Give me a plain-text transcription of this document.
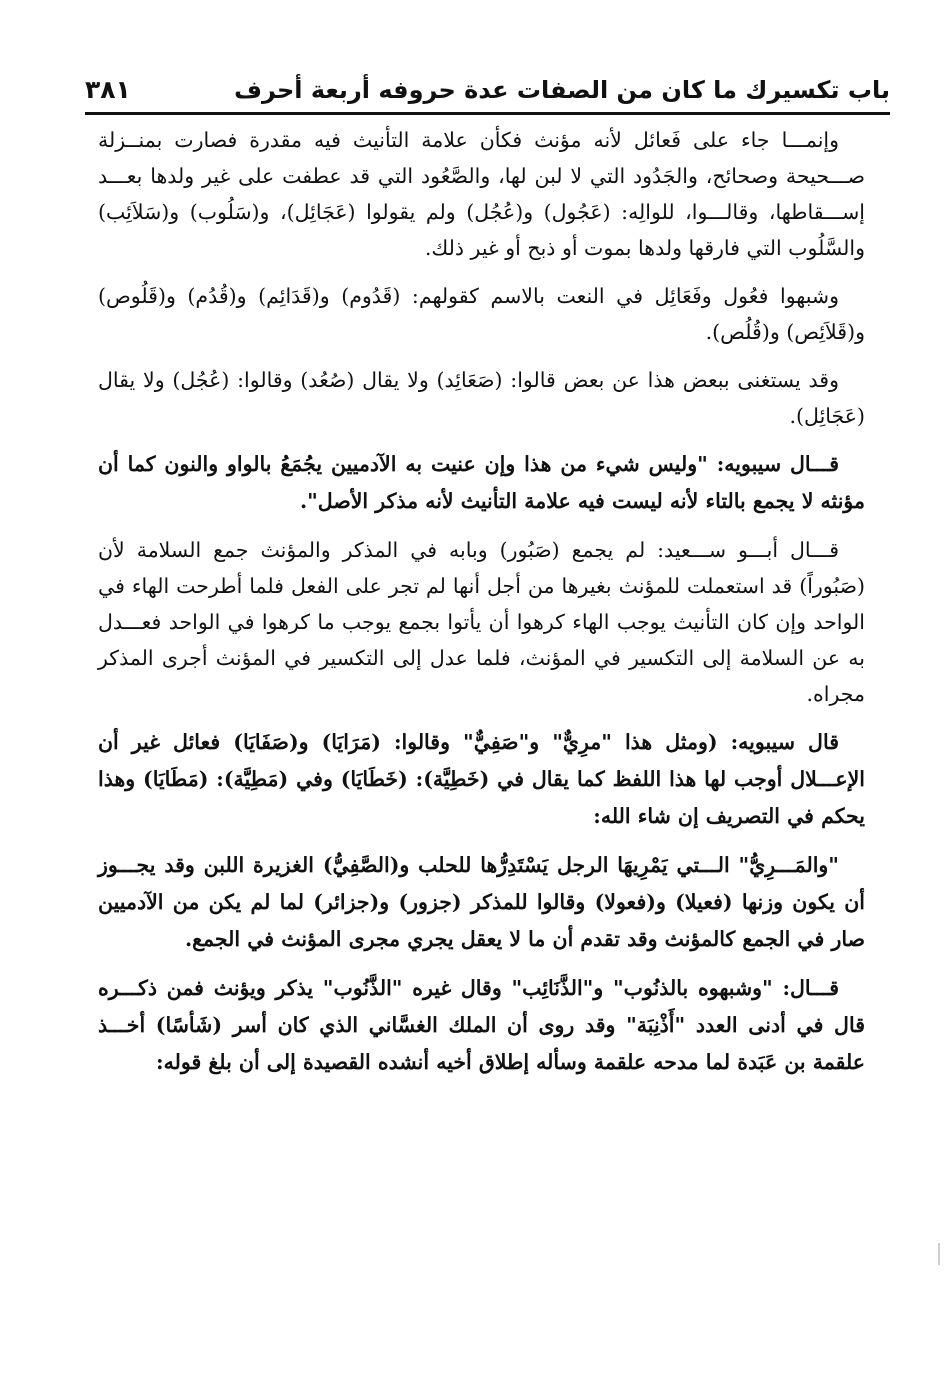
٣٨١	باب تكسيرك ما كان من الصفات عدة حروفه أربعة أحرف

وإنمـــا جاء على فَعائل لأنه مؤنث فكأن علامة التأنيث فيه مقدرة فصارت بمنــزلة صـــحيحة وصحائح، والجَدُود التي لا لبن لها، والصَّعُود التي قد عطفت على غير ولدها بعـــد إســـقاطها، وقالـــوا، للوالِه: (عَجُول) و(عُجُل) ولم يقولوا (عَجَائِل)، و(سَلُوب) و(سَلاَئِب) والسَّلُوب التي فارقها ولدها بموت أو ذبح أو غير ذلك.

وشبهوا فعُول وفَعَائِل في النعت بالاسم كقولهم: (قَدُوم) و(قَدَائِم) و(قُدُم) و(قَلُوص) و(قَلاَئِص) و(قُلُص).

وقد يستغنى ببعض هذا عن بعض قالوا: (صَعَائِد) ولا يقال (صُعُد) وقالوا: (عُجُل) ولا يقال (عَجَائِل).

قـــال سيبويه: "وليس شيء من هذا وإن عنيت به الآدميين يجُمَعُ بالواو والنون كما أن مؤنثه لا يجمع بالتاء لأنه ليست فيه علامة التأنيث لأنه مذكر الأصل".

قـــال أبـــو ســـعيد: لم يجمع (صَبُور) وبابه في المذكر والمؤنث جمع السلامة لأن (صَبُوراً) قد استعملت للمؤنث بغيرها من أجل أنها لم تجر على الفعل فلما أطرحت الهاء في الواحد وإن كان التأنيث يوجب الهاء كرهوا أن يأتوا بجمع يوجب ما كرهوا في الواحد فعـــدل به عن السلامة إلى التكسير في المؤنث، فلما عدل إلى التكسير في المؤنث أجرى المذكر مجراه.

قال سيبويه: (ومثل هذا "مرِيٌّ" و"صَفِيٌّ" وقالوا: (مَرَايَا) و(صَفَايَا) فعائل غير أن الإعـــلال أوجب لها هذا اللفظ كما يقال في (خَطِيَّة): (خَطَايَا) وفي (مَطِيَّة): (مَطَايَا) وهذا يحكم في التصريف إن شاء الله:

"والمَـــرِيُّ" الـــتي يَمْرِيهَا الرجل يَسْتَدِرُّها للحلب و(الصَّفِيُّ) الغزيرة اللبن وقد يجـــوز أن يكون وزنها (فعيلا) و(فعولا) وقالوا للمذكر (جزور) و(جزائر) لما لم يكن من الآدميين صار في الجمع كالمؤنث وقد تقدم أن ما لا يعقل يجري مجرى المؤنث في الجمع.

قـــال: "وشبهوه بالذنُوب" و"الذَّنَائِب" وقال غيره "الذَّنُوب" يذكر ويؤنث فمن ذكـــره قال في أدنى العدد "أَذْنِبَة" وقد روى أن الملك الغسَّاني الذي كان أسر (شَأسًا) أخـــذ علقمة بن عَبَدة لما مدحه علقمة وسأله إطلاق أخيه أنشده القصيدة إلى أن بلغ قوله:
